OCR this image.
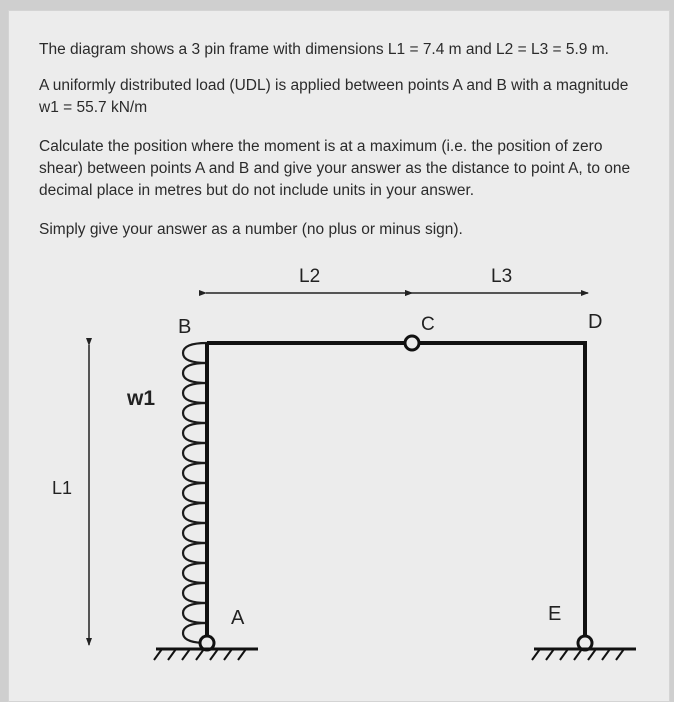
The diagram shows a 3 pin frame with dimensions L1 = 7.4 m and L2 = L3 = 5.9 m.
A uniformly distributed load (UDL) is applied between points A and B with a magnitude w1 = 55.7 kN/m
Calculate the position where the moment is at a maximum (i.e. the position of zero shear) between points A and B and give your answer as the distance to point A, to one decimal place in metres but do not include units in your answer.
Simply give your answer as a number (no plus or minus sign).
L1
L2	L3
B	C	D
A	E
w1
